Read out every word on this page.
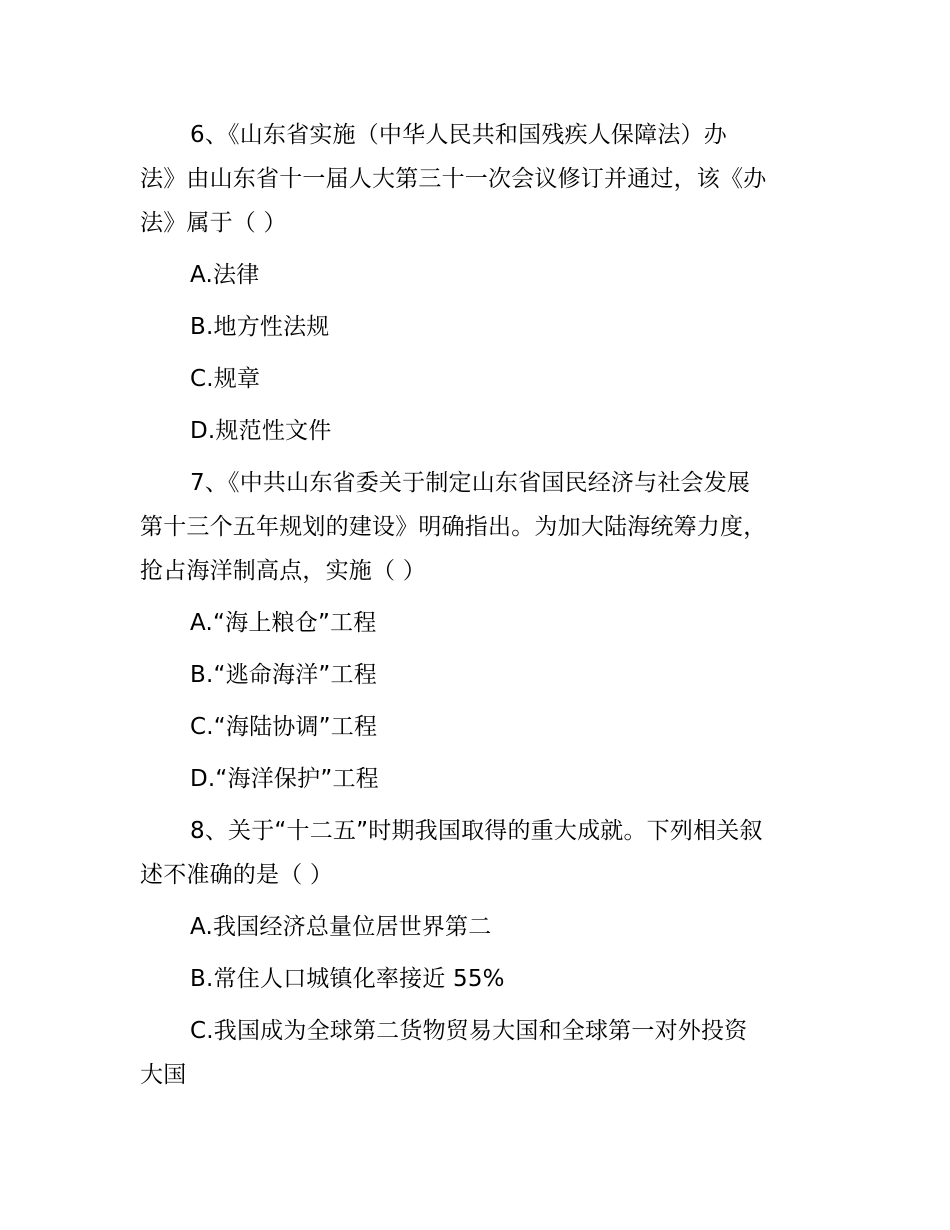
6、《山东省实施（中华人民共和国残疾人保障法）办
法》由山东省十一届人大第三十一次会议修订并通过，该《办
法》属于（ ）
A.法律
B.地方性法规
C.规章
D.规范性文件
7、《中共山东省委关于制定山东省国民经济与社会发展
第十三个五年规划的建设》明确指出。为加大陆海统筹力度，
抢占海洋制高点，实施（ ）
A.“海上粮仓”工程
B.“逃命海洋”工程
C.“海陆协调”工程
D.“海洋保护”工程
8、关于“十二五”时期我国取得的重大成就。下列相关叙
述不准确的是（ ）
A.我国经济总量位居世界第二
B.常住人口城镇化率接近 55%
C.我国成为全球第二货物贸易大国和全球第一对外投资
大国
